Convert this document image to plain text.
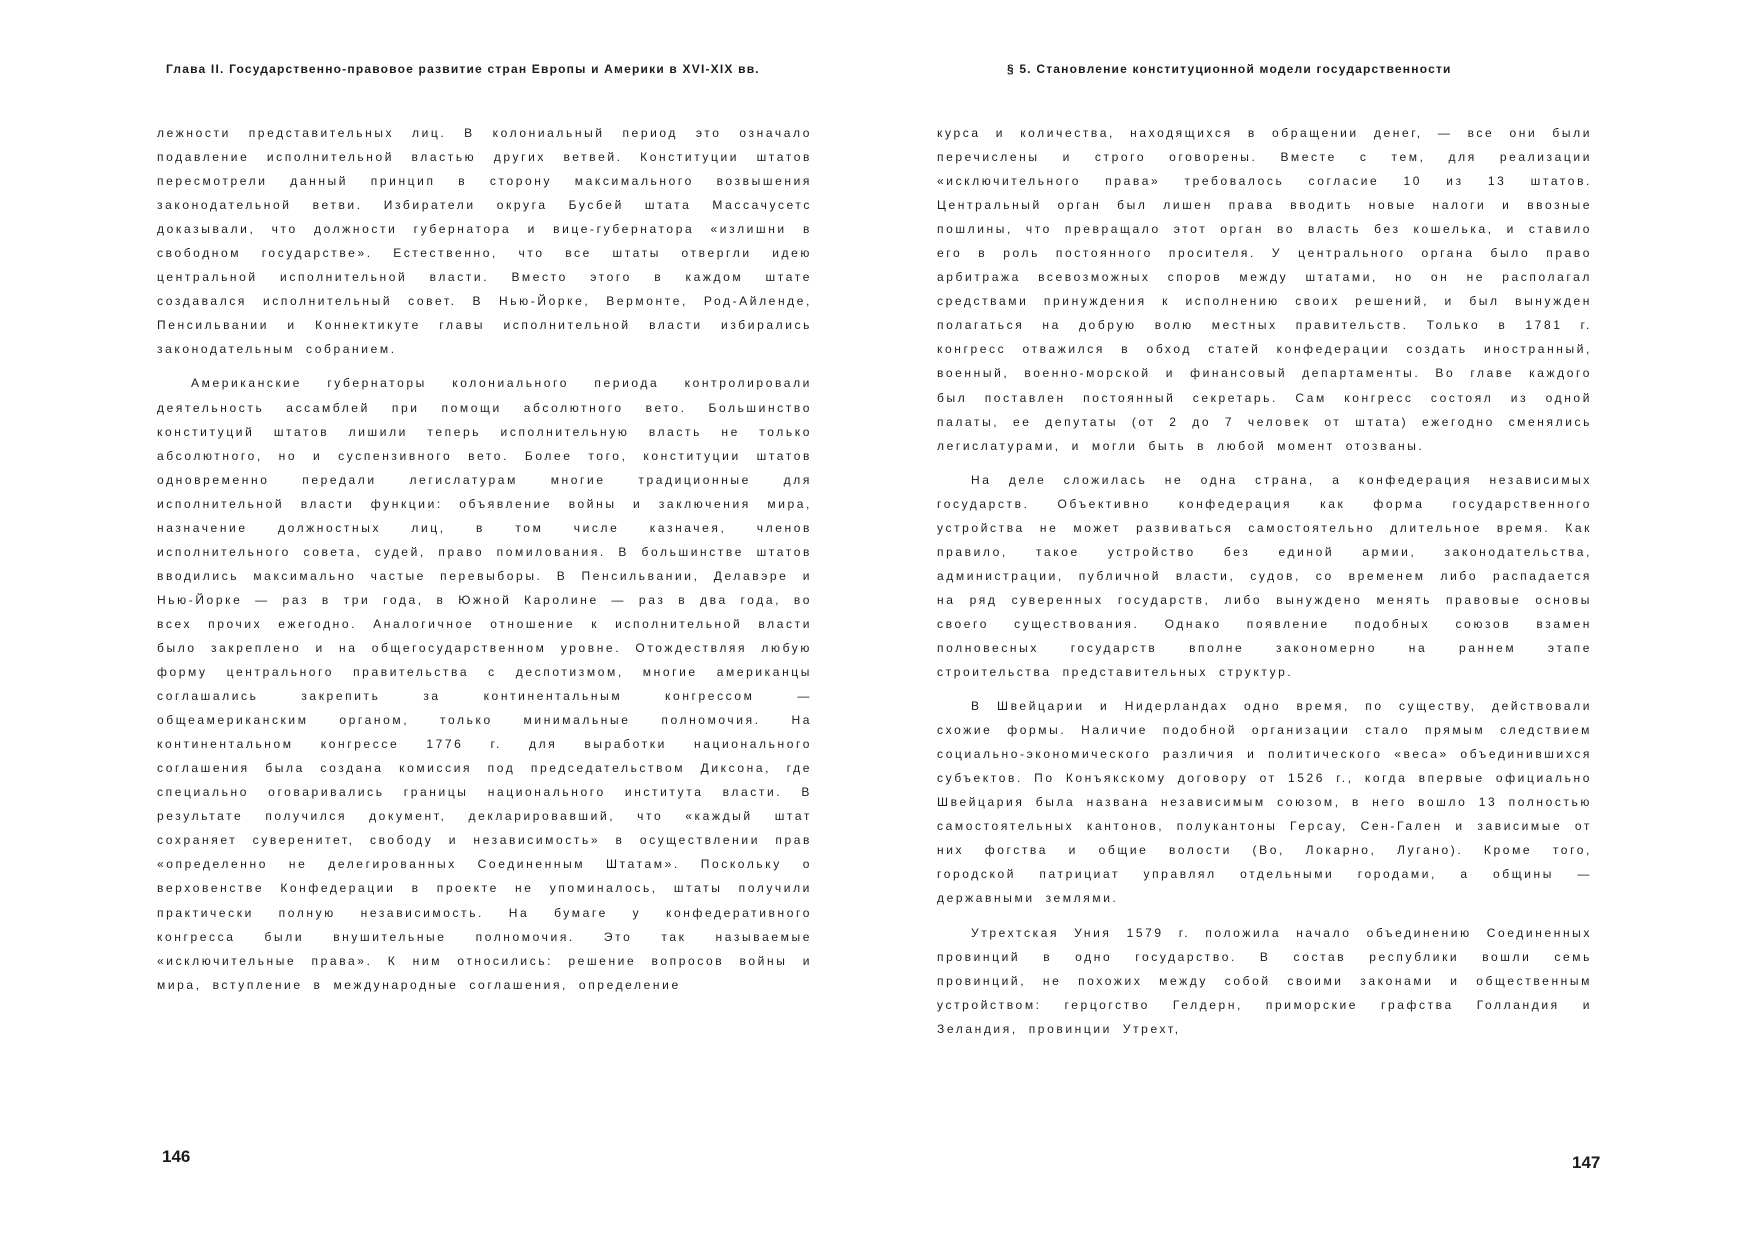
Глава II. Государственно-правовое развитие стран Европы и Америки в XVI-XIX вв.

лежности представительных лиц. В колониальный период это означало подавление исполнительной властью других ветвей. Конституции штатов пересмотрели данный принцип в сторону максимального возвышения законодательной ветви. Избиратели округа Бусбей штата Массачусетс доказывали, что должности губернатора и вице-губернатора «излишни в свободном государстве». Естественно, что все штаты отвергли идею центральной исполнительной власти. Вместо этого в каждом штате создавался исполнительный совет. В Нью-Йорке, Вермонте, Род-Айленде, Пенсильвании и Коннектикуте главы исполнительной власти избирались законодательным собранием.

Американские губернаторы колониального периода контролировали деятельность ассамблей при помощи абсолютного вето. Большинство конституций штатов лишили теперь исполнительную власть не только абсолютного, но и суспензивного вето. Более того, конституции штатов одновременно передали легислатурам многие традиционные для исполнительной власти функции: объявление войны и заключения мира, назначение должностных лиц, в том числе казначея, членов исполнительного совета, судей, право помилования. В большинстве штатов вводились максимально частые перевыборы. В Пенсильвании, Делавэре и Нью-Йорке — раз в три года, в Южной Каролине — раз в два года, во всех прочих ежегодно. Аналогичное отношение к исполнительной власти было закреплено и на общегосударственном уровне. Отождествляя любую форму центрального правительства с деспотизмом, многие американцы соглашались закрепить за континентальным конгрессом — общеамериканским органом, только минимальные полномочия. На континентальном конгрессе 1776 г. для выработки национального соглашения была создана комиссия под председательством Диксона, где специально оговаривались границы национального института власти. В результате получился документ, декларировавший, что «каждый штат сохраняет суверенитет, свободу и независимость» в осуществлении прав «определенно не делегированных Соединенным Штатам». Поскольку о верховенстве Конфедерации в проекте не упоминалось, штаты получили практически полную независимость. На бумаге у конфедеративного конгресса были внушительные полномочия. Это так называемые «исключительные права». К ним относились: решение вопросов войны и мира, вступление в международные соглашения, определение

146
§ 5. Становление конституционной модели государственности

курса и количества, находящихся в обращении денег, — все они были перечислены и строго оговорены. Вместе с тем, для реализации «исключительного права» требовалось согласие 10 из 13 штатов. Центральный орган был лишен права вводить новые налоги и ввозные пошлины, что превращало этот орган во власть без кошелька, и ставило его в роль постоянного просителя. У центрального органа было право арбитража всевозможных споров между штатами, но он не располагал средствами принуждения к исполнению своих решений, и был вынужден полагаться на добрую волю местных правительств. Только в 1781 г. конгресс отважился в обход статей конфедерации создать иностранный, военный, военно-морской и финансовый департаменты. Во главе каждого был поставлен постоянный секретарь. Сам конгресс состоял из одной палаты, ее депутаты (от 2 до 7 человек от штата) ежегодно сменялись легислатурами, и могли быть в любой момент отозваны.

На деле сложилась не одна страна, а конфедерация независимых государств. Объективно конфедерация как форма государственного устройства не может развиваться самостоятельно длительное время. Как правило, такое устройство без единой армии, законодательства, администрации, публичной власти, судов, со временем либо распадается на ряд суверенных государств, либо вынуждено менять правовые основы своего существования. Однако появление подобных союзов взамен полновесных государств вполне закономерно на раннем этапе строительства представительных структур.

В Швейцарии и Нидерландах одно время, по существу, действовали схожие формы. Наличие подобной организации стало прямым следствием социально-экономического различия и политического «веса» объединившихся субъектов. По Конъякскому договору от 1526 г., когда впервые официально Швейцария была названа независимым союзом, в него вошло 13 полностью самостоятельных кантонов, полукантоны Герсау, Сен-Гален и зависимые от них фогства и общие волости (Во, Локарно, Лугано). Кроме того, городской патрициат управлял отдельными городами, а общины — державными землями.

Утрехтская Уния 1579 г. положила начало объединению Соединенных провинций в одно государство. В состав республики вошли семь провинций, не похожих между собой своими законами и общественным устройством: герцогство Гелдерн, приморские графства Голландия и Зеландия, провинции Утрехт,

147
